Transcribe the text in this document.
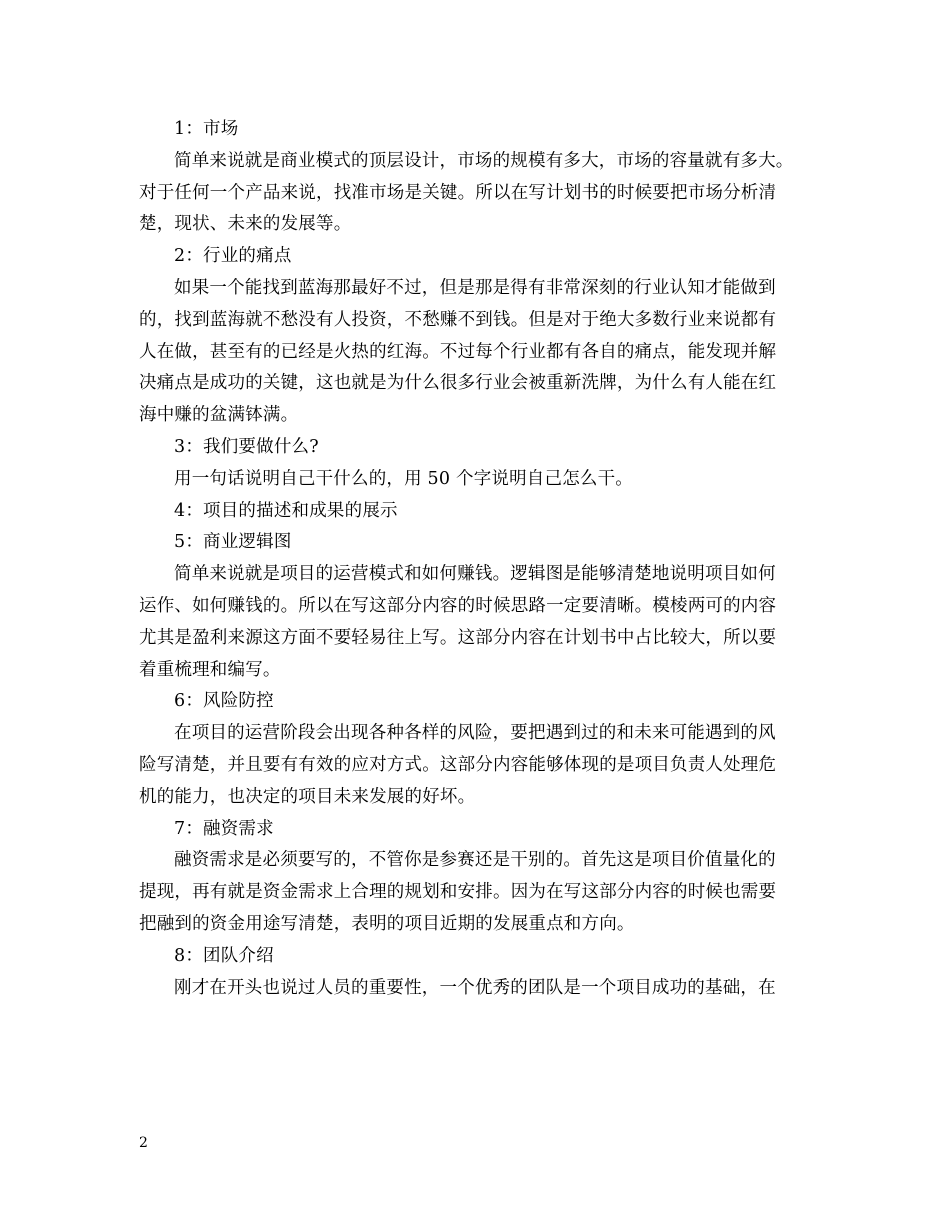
1：市场
简单来说就是商业模式的顶层设计，市场的规模有多大，市场的容量就有多大。
对于任何一个产品来说，找准市场是关键。所以在写计划书的时候要把市场分析清
楚，现状、未来的发展等。
2：行业的痛点
如果一个能找到蓝海那最好不过，但是那是得有非常深刻的行业认知才能做到
的，找到蓝海就不愁没有人投资，不愁赚不到钱。但是对于绝大多数行业来说都有
人在做，甚至有的已经是火热的红海。不过每个行业都有各自的痛点，能发现并解
决痛点是成功的关键，这也就是为什么很多行业会被重新洗牌，为什么有人能在红
海中赚的盆满钵满。
3：我们要做什么?
用一句话说明自己干什么的，用 50 个字说明自己怎么干。
4：项目的描述和成果的展示
5：商业逻辑图
简单来说就是项目的运营模式和如何赚钱。逻辑图是能够清楚地说明项目如何
运作、如何赚钱的。所以在写这部分内容的时候思路一定要清晰。模棱两可的内容
尤其是盈利来源这方面不要轻易往上写。这部分内容在计划书中占比较大，所以要
着重梳理和编写。
6：风险防控
在项目的运营阶段会出现各种各样的风险，要把遇到过的和未来可能遇到的风
险写清楚，并且要有有效的应对方式。这部分内容能够体现的是项目负责人处理危
机的能力，也决定的项目未来发展的好坏。
7：融资需求
融资需求是必须要写的，不管你是参赛还是干别的。首先这是项目价值量化的
提现，再有就是资金需求上合理的规划和安排。因为在写这部分内容的时候也需要
把融到的资金用途写清楚，表明的项目近期的发展重点和方向。
8：团队介绍
刚才在开头也说过人员的重要性，一个优秀的团队是一个项目成功的基础，在
2
